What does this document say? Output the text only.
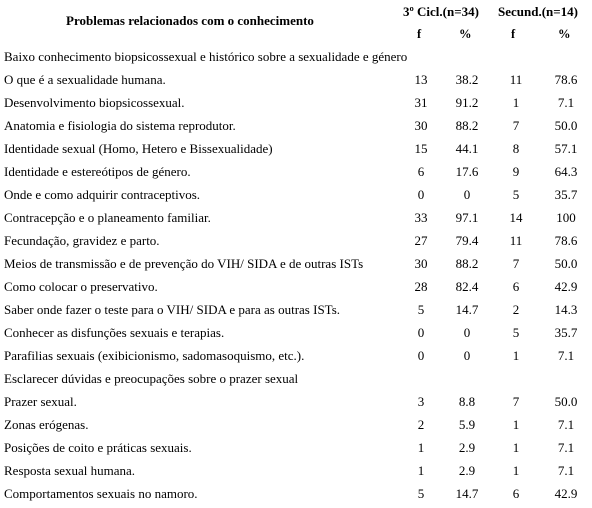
Problemas relacionados com o conhecimento
3º Cicl.(n=34) Secund.(n=14)
f	%	f	%
Baixo conhecimento biopsicossexual e histórico sobre a sexualidade e género				
O que é a sexualidade humana.	13	38.2	11	78.6
Desenvolvimento biopsicossexual.	31	91.2	1	7.1
Anatomia e fisiologia do sistema reprodutor.	30	88.2	7	50.0
Identidade sexual (Homo, Hetero e Bissexualidade)	15	44.1	8	57.1
Identidade e estereótipos de género.	6	17.6	9	64.3
Onde e como adquirir contraceptivos.	0	0	5	35.7
Contracepção e o planeamento familiar.	33	97.1	14	100
Fecundação, gravidez e parto.	27	79.4	11	78.6
Meios de transmissão e de prevenção do VIH/ SIDA e de outras ISTs	30	88.2	7	50.0
Como colocar o preservativo.	28	82.4	6	42.9
Saber onde fazer o teste para o VIH/ SIDA e para as outras ISTs.	5	14.7	2	14.3
Conhecer as disfunções sexuais e terapias.	0	0	5	35.7
Parafilias sexuais (exibicionismo, sadomasoquismo, etc.).	0	0	1	7.1
Esclarecer dúvidas e preocupações sobre o prazer sexual				
Prazer sexual.	3	8.8	7	50.0
Zonas erógenas.	2	5.9	1	7.1
Posições de coito e práticas sexuais.	1	2.9	1	7.1
Resposta sexual humana.	1	2.9	1	7.1
Comportamentos sexuais no namoro.	5	14.7	6	42.9
